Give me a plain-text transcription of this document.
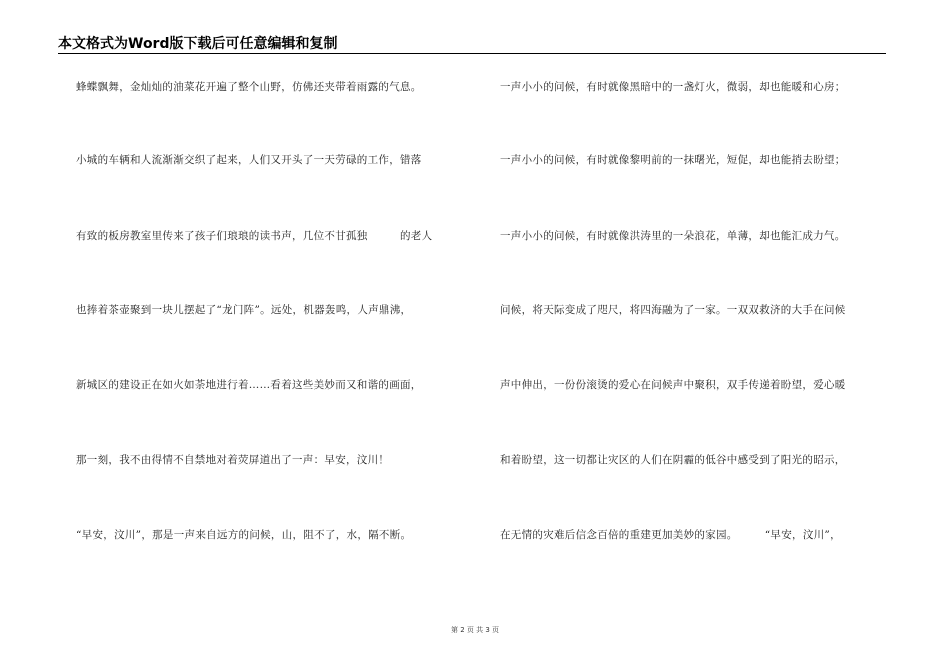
本文格式为Word版下载后可任意编辑和复制
蜂蝶飘舞，金灿灿的油菜花开遍了整个山野，仿佛还夹带着雨露的气息。
小城的车辆和人流渐渐交织了起来，人们又开头了一天劳碌的工作，错落
有致的板房教室里传来了孩子们琅琅的读书声，几位不甘孤独　　　的老人
也捧着茶壶聚到一块儿摆起了“龙门阵”。远处，机器轰鸣，人声鼎沸，
新城区的建设正在如火如荼地进行着……看着这些美妙而又和谐的画面，
那一刻，我不由得情不自禁地对着荧屏道出了一声：早安，汶川！
“早安，汶川”，那是一声来自远方的问候，山，阻不了，水，隔不断。
一声小小的问候，有时就像黑暗中的一盏灯火，微弱，却也能暖和心房；
一声小小的问候，有时就像黎明前的一抹曙光，短促，却也能捎去盼望；
一声小小的问候，有时就像洪涛里的一朵浪花，单薄，却也能汇成力气。
问候，将天际变成了咫尺，将四海融为了一家。一双双救济的大手在问候
声中伸出，一份份滚烫的爱心在问候声中聚积，双手传递着盼望，爱心暖
和着盼望，这一切都让灾区的人们在阴霾的低谷中感受到了阳光的昭示，
在无情的灾难后信念百倍的重建更加美妙的家园。　　　“早安，汶川”，
第 2 页 共 3 页
